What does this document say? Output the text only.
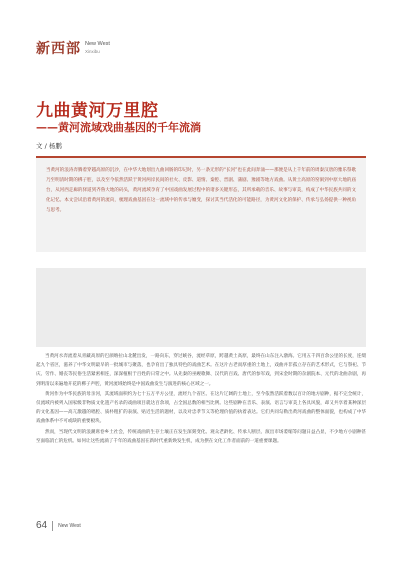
新西部 New West
Xinxibu
九曲黄河万里腔
——黄河流域戏曲基因的千年流淌
文 / 杨鹏

当黄河的浪涛奔腾着穿越高原的沉沙，在中华大地划出九曲回肠的印记时，另一条无形的“长河”也在此间奔涌——那便是从上千年前的周秦汉唐的雅乐祭歌乃至明清时期的梆子腔，以及至今依然活跃于黄河两岸民间的社火、皮影、道情、秦腔、晋剧、蒲剧、豫剧等地方戏曲。从黄土高原的窑洞到中原大地的庙台，从河西走廊的驿道到齐鲁大地的码头，黄河流域孕育了中国戏曲发展过程中的诸多关键形态，其所承载的音乐、故事与审美，构成了中华民族共同的文化记忆。本文尝试沿着黄河的流向，梳理戏曲基因在这一流域中的传承与嬗变，探讨其当代活化的可能路径，为黄河文化的保护、传承与弘扬提供一种视角与思考。

当黄河水奔流着从青藏高原的巴颜喀拉山北麓出发，一路向东，穿过峡谷，流经草原，跨越黄土高原，最终在山东注入渤海。它用五千四百余公里的长度，连缀起九个省区，滋养了中华文明最早的一批城市与聚落，也孕育出了独具特色的戏曲艺术。在这片古老而厚重的土地上，戏曲并非孤立存在的艺术形式，它与祭祀、节庆、劳作、婚丧等民俗生活紧密相连，深深植根于百姓的日常之中。从先秦的巫觋歌舞、汉代的百戏、唐代的参军戏，到宋金时期的杂剧院本、元代的北曲杂剧，再到明清以来遍地开花的梆子声腔，黄河流域始终是中国戏曲发生与演进的核心区域之一。

黄河作为中华民族的母亲河，其流域面积约为七十五万平方公里，流经九个省区。在这片辽阔的土地上，至今依然活跃着数以百计的地方剧种，据不完全统计，仅流域内被列入国家级非物质文化遗产名录的戏曲项目就达百余项，占全国总数的相当比例。这些剧种在音乐、表演、语言与审美上各具风貌，却又共享着某种深层的文化基因——高亢激越的唱腔、质朴粗犷的表演、贴近生活的题材，以及对忠孝节义等伦理价值的执着表达。它们共同勾勒出黄河戏曲的整体面貌，也构成了中华戏曲体系中不可或缺的重要板块。

然而，当现代文明的浪潮席卷乡土社会，传统戏曲的生存土壤正在发生深刻变化。观众老龄化、传承人断层、演出市场萎缩等问题日益凸显，不少地方小剧种甚至面临消亡的危机。如何让这些流淌了千年的戏曲基因在新时代重新焕发生机，成为摆在文化工作者面前的一道重要课题。

64 New West
